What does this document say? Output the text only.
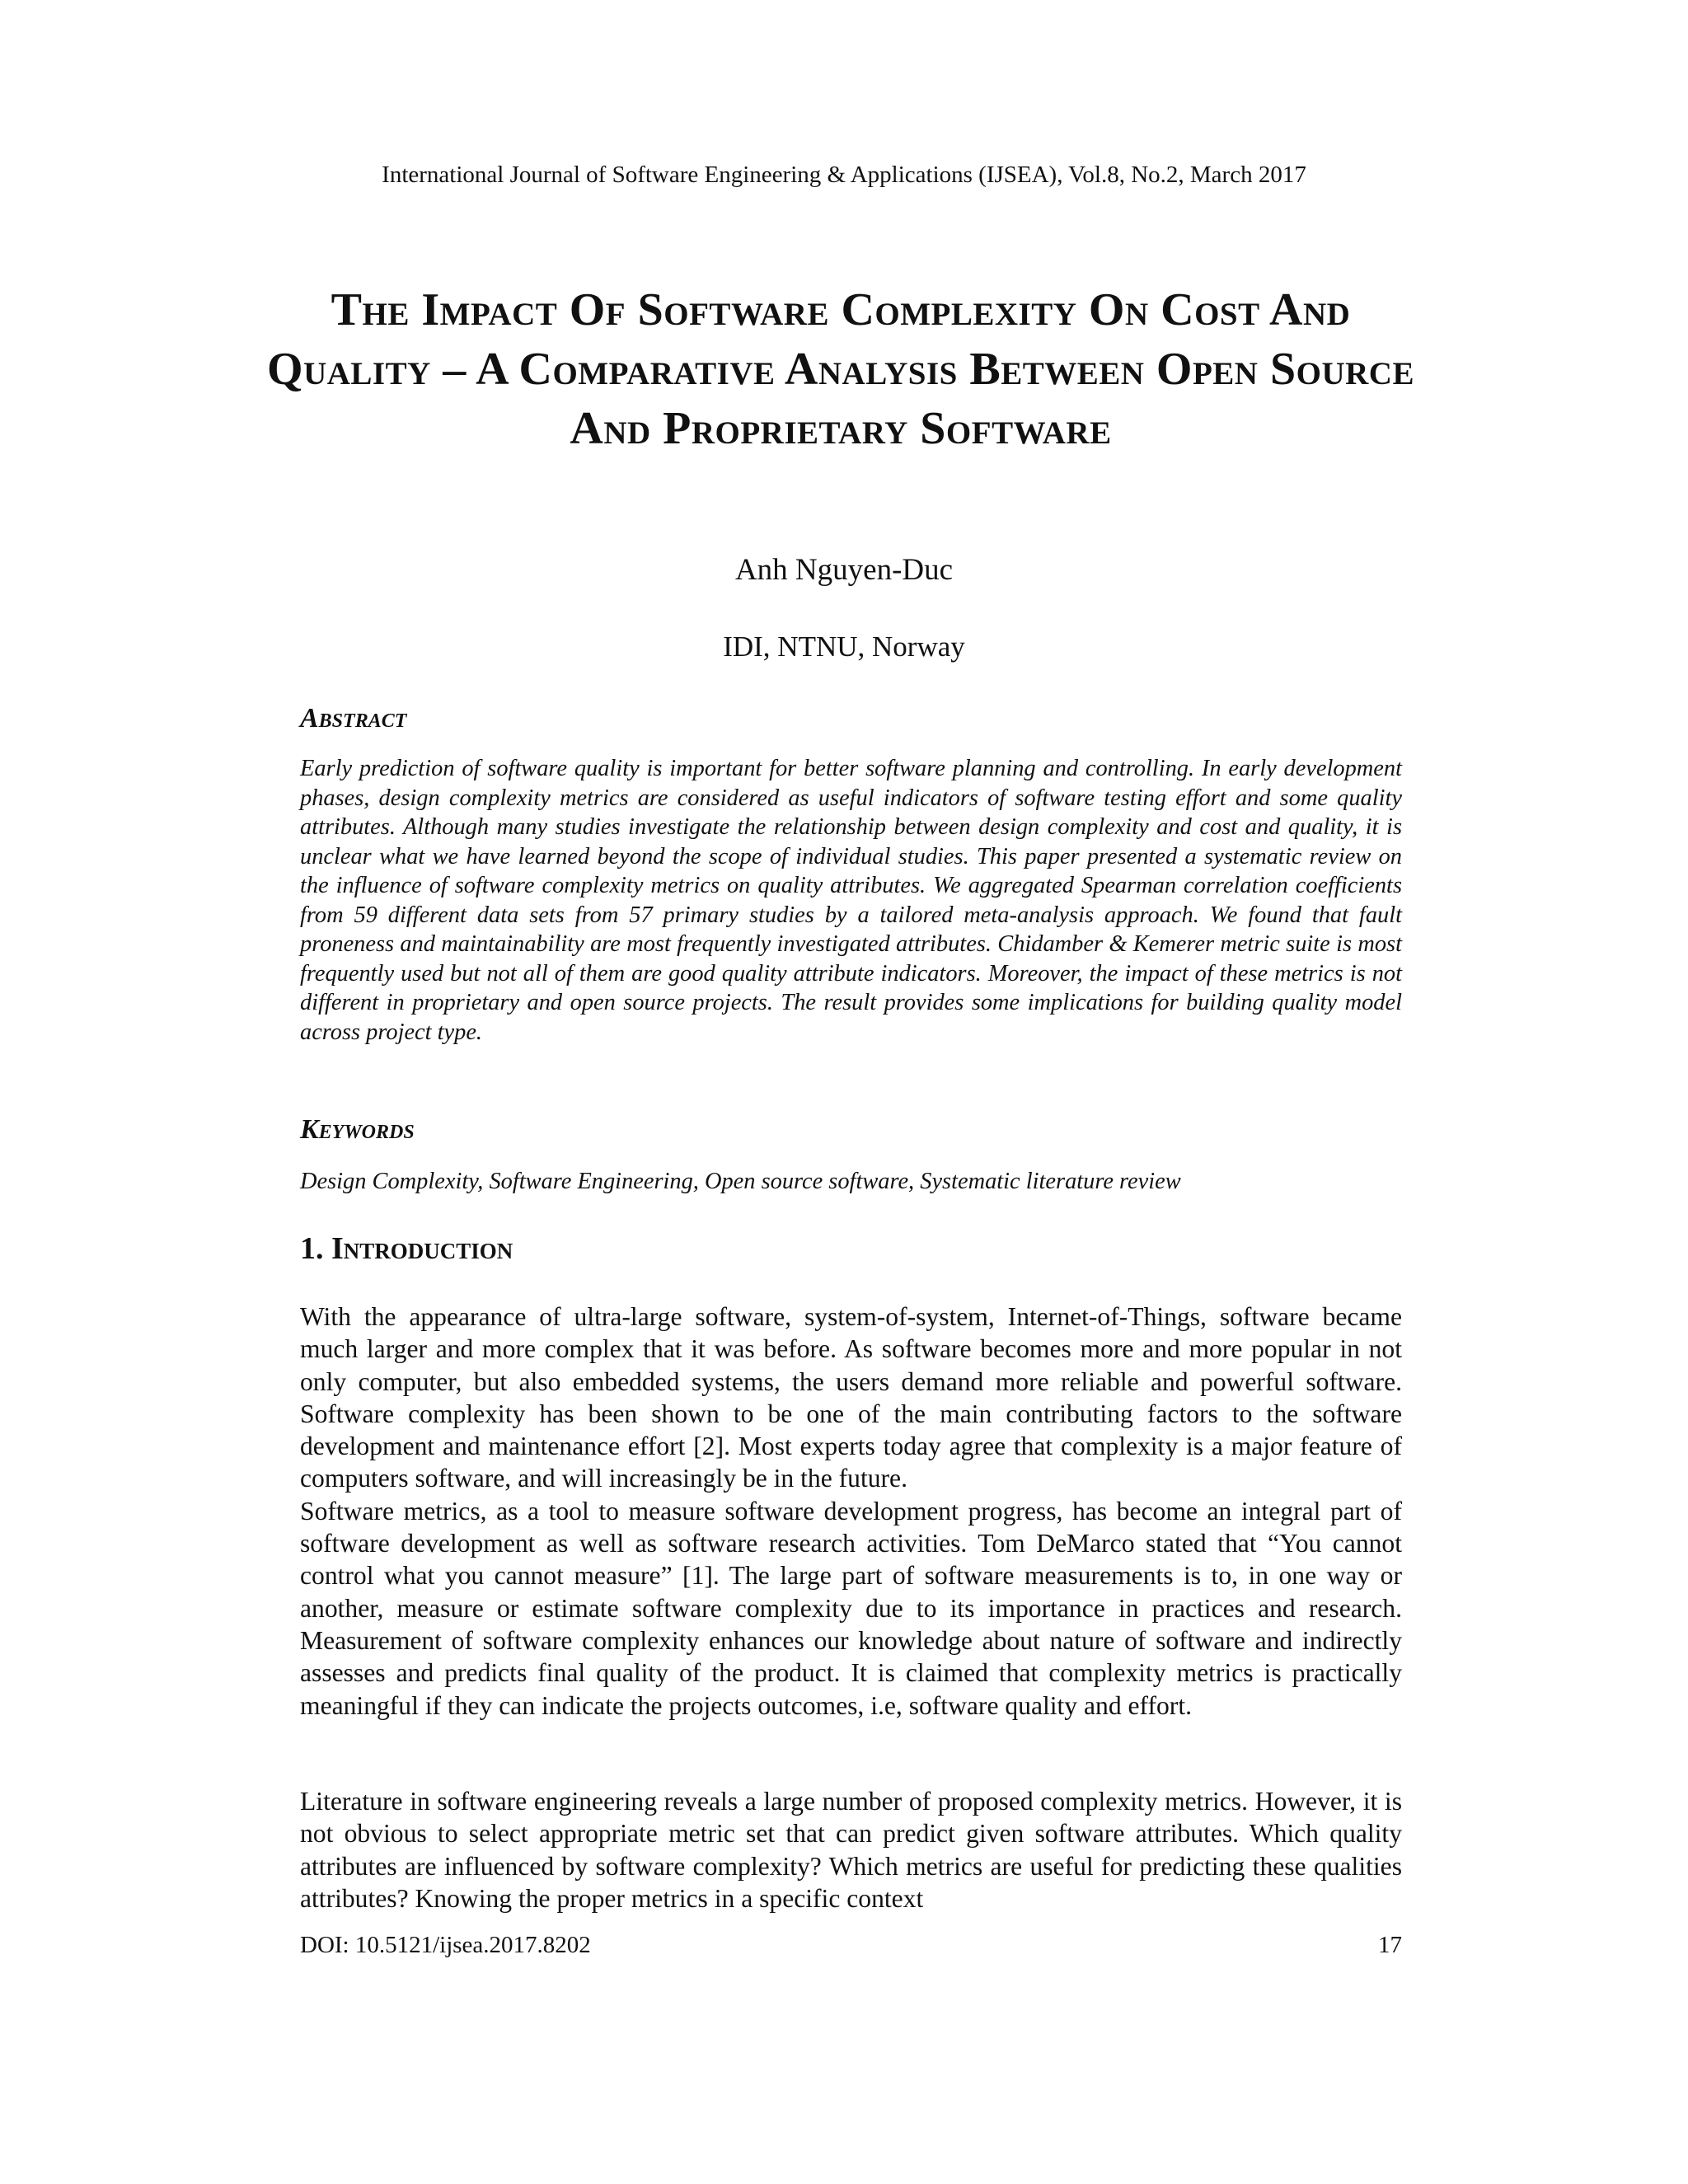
International Journal of Software Engineering & Applications (IJSEA), Vol.8, No.2, March 2017
The Impact Of Software Complexity On Cost And Quality – A Comparative Analysis Between Open Source And Proprietary Software
Anh Nguyen-Duc
IDI, NTNU, Norway
Abstract
Early prediction of software quality is important for better software planning and controlling. In early development phases, design complexity metrics are considered as useful indicators of software testing effort and some quality attributes. Although many studies investigate the relationship between design complexity and cost and quality, it is unclear what we have learned beyond the scope of individual studies. This paper presented a systematic review on the influence of software complexity metrics on quality attributes. We aggregated Spearman correlation coefficients from 59 different data sets from 57 primary studies by a tailored meta-analysis approach. We found that fault proneness and maintainability are most frequently investigated attributes. Chidamber & Kemerer metric suite is most frequently used but not all of them are good quality attribute indicators. Moreover, the impact of these metrics is not different in proprietary and open source projects. The result provides some implications for building quality model across project type.
Keywords
Design Complexity, Software Engineering, Open source software, Systematic literature review
1. Introduction

With the appearance of ultra-large software, system-of-system, Internet-of-Things, software became much larger and more complex that it was before. As software becomes more and more popular in not only computer, but also embedded systems, the users demand more reliable and powerful software. Software complexity has been shown to be one of the main contributing factors to the software development and maintenance effort [2]. Most experts today agree that complexity is a major feature of computers software, and will increasingly be in the future.

Software metrics, as a tool to measure software development progress, has become an integral part of software development as well as software research activities. Tom DeMarco stated that “You cannot control what you cannot measure” [1]. The large part of software measurements is to, in one way or another, measure or estimate software complexity due to its importance in practices and research. Measurement of software complexity enhances our knowledge about nature of software and indirectly assesses and predicts final quality of the product. It is claimed that complexity metrics is practically meaningful if they can indicate the projects outcomes, i.e, software quality and effort.

Literature in software engineering reveals a large number of proposed complexity metrics. However, it is not obvious to select appropriate metric set that can predict given software attributes. Which quality attributes are influenced by software complexity? Which metrics are useful for predicting these qualities attributes? Knowing the proper metrics in a specific context

DOI: 10.5121/ijsea.2017.8202	17
